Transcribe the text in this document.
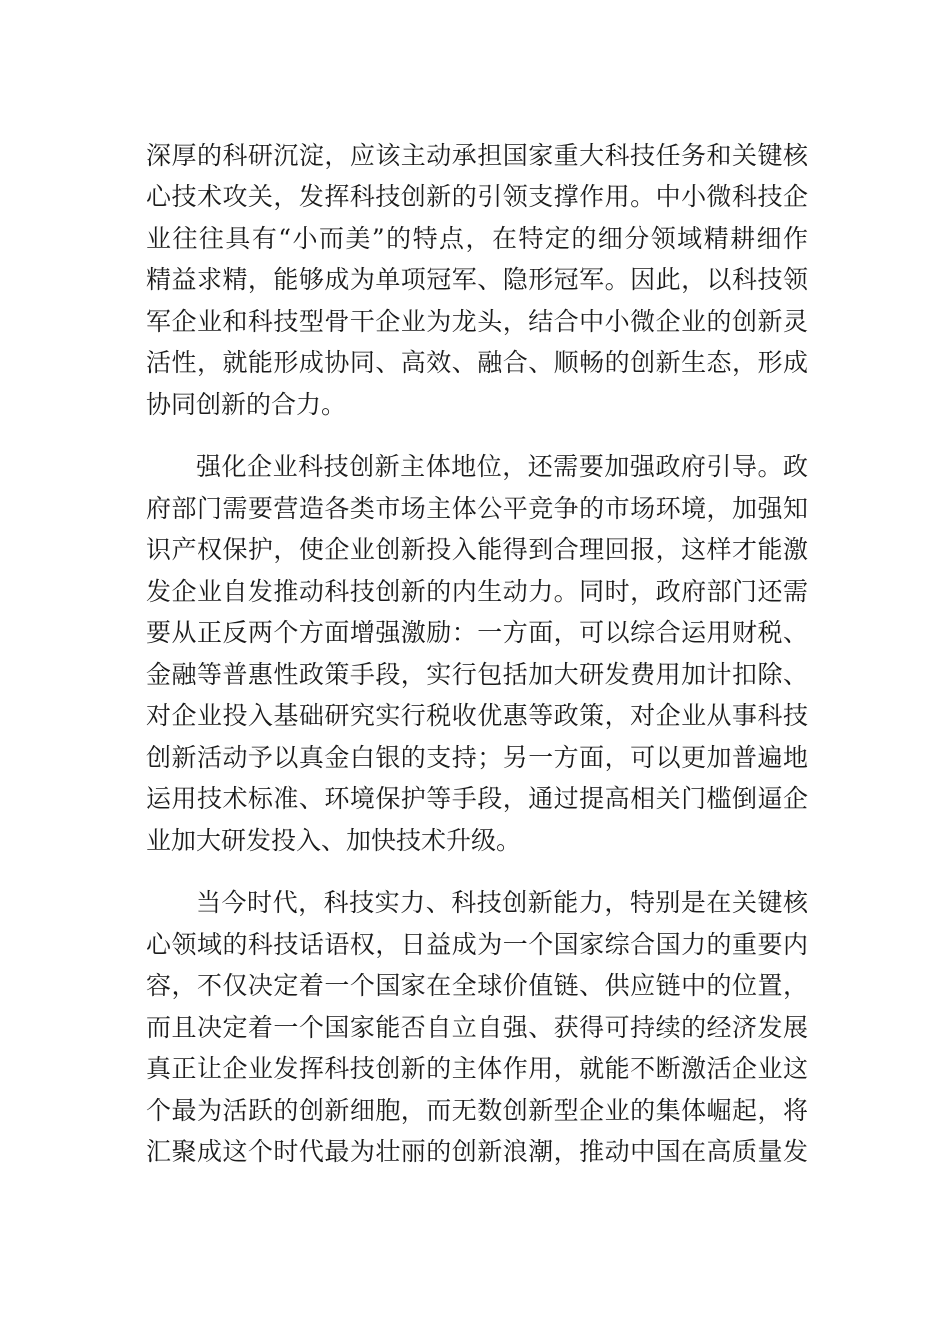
深厚的科研沉淀，应该主动承担国家重大科技任务和关键核
心技术攻关，发挥科技创新的引领支撑作用。中小微科技企
业往往具有“小而美”的特点，在特定的细分领域精耕细作
精益求精，能够成为单项冠军、隐形冠军。因此，以科技领
军企业和科技型骨干企业为龙头，结合中小微企业的创新灵
活性，就能形成协同、高效、融合、顺畅的创新生态，形成
协同创新的合力。
强化企业科技创新主体地位，还需要加强政府引导。政
府部门需要营造各类市场主体公平竞争的市场环境，加强知
识产权保护，使企业创新投入能得到合理回报，这样才能激
发企业自发推动科技创新的内生动力。同时，政府部门还需
要从正反两个方面增强激励：一方面，可以综合运用财税、
金融等普惠性政策手段，实行包括加大研发费用加计扣除、
对企业投入基础研究实行税收优惠等政策，对企业从事科技
创新活动予以真金白银的支持；另一方面，可以更加普遍地
运用技术标准、环境保护等手段，通过提高相关门槛倒逼企
业加大研发投入、加快技术升级。
当今时代，科技实力、科技创新能力，特别是在关键核
心领域的科技话语权，日益成为一个国家综合国力的重要内
容，不仅决定着一个国家在全球价值链、供应链中的位置，
而且决定着一个国家能否自立自强、获得可持续的经济发展
真正让企业发挥科技创新的主体作用，就能不断激活企业这
个最为活跃的创新细胞，而无数创新型企业的集体崛起，将
汇聚成这个时代最为壮丽的创新浪潮，推动中国在高质量发
